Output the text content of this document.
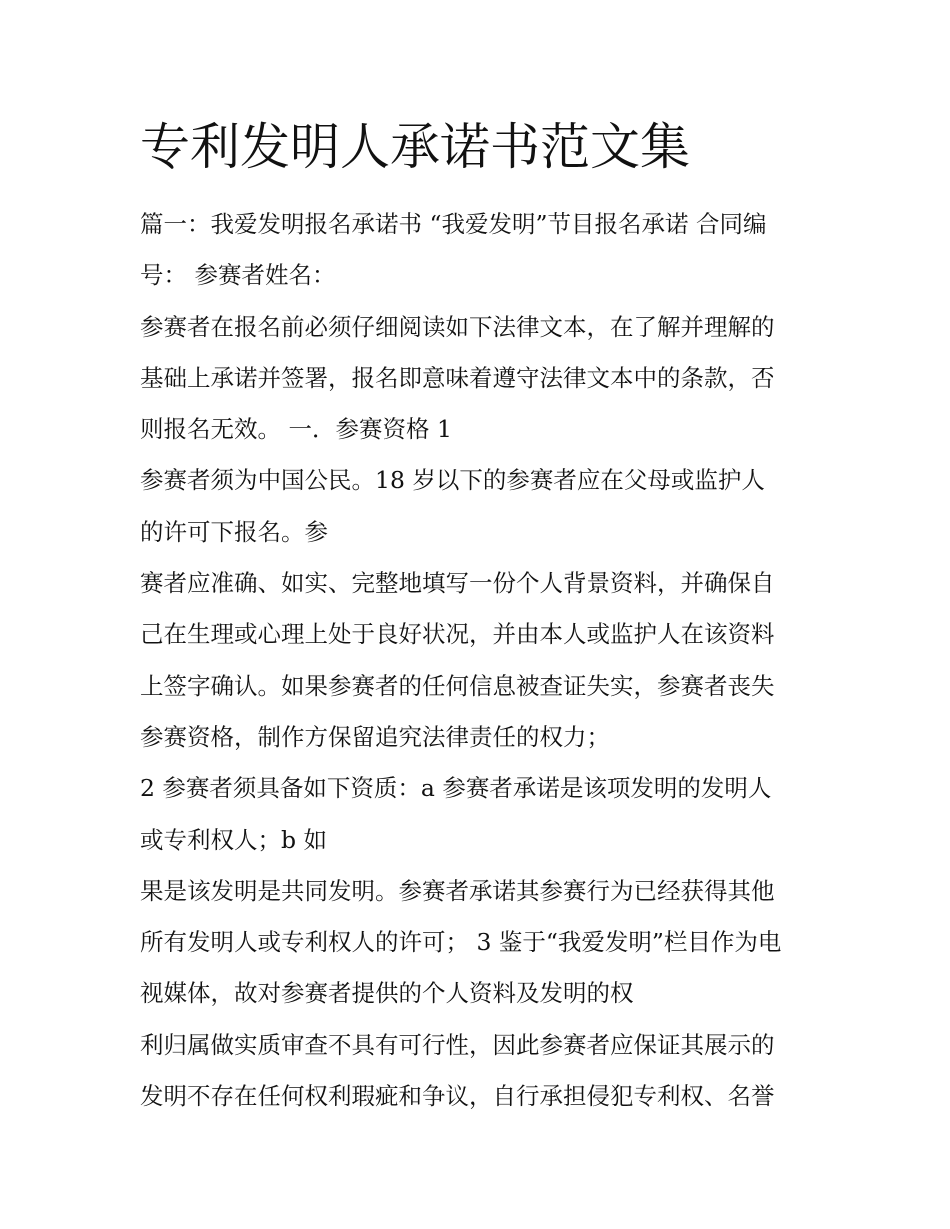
专利发明人承诺书范文集
篇一：我爱发明报名承诺书 “我爱发明”节目报名承诺 合同编
号： 参赛者姓名：
参赛者在报名前必须仔细阅读如下法律文本，在了解并理解的
基础上承诺并签署，报名即意味着遵守法律文本中的条款，否
则报名无效。 一．参赛资格 1
参赛者须为中国公民。18 岁以下的参赛者应在父母或监护人
的许可下报名。参
赛者应准确、如实、完整地填写一份个人背景资料，并确保自
己在生理或心理上处于良好状况，并由本人或监护人在该资料
上签字确认。如果参赛者的任何信息被查证失实，参赛者丧失
参赛资格，制作方保留追究法律责任的权力；
2 参赛者须具备如下资质：a 参赛者承诺是该项发明的发明人
或专利权人；b 如
果是该发明是共同发明。参赛者承诺其参赛行为已经获得其他
所有发明人或专利权人的许可； 3 鉴于“我爱发明”栏目作为电
视媒体，故对参赛者提供的个人资料及发明的权
利归属做实质审查不具有可行性，因此参赛者应保证其展示的
发明不存在任何权利瑕疵和争议，自行承担侵犯专利权、名誉
